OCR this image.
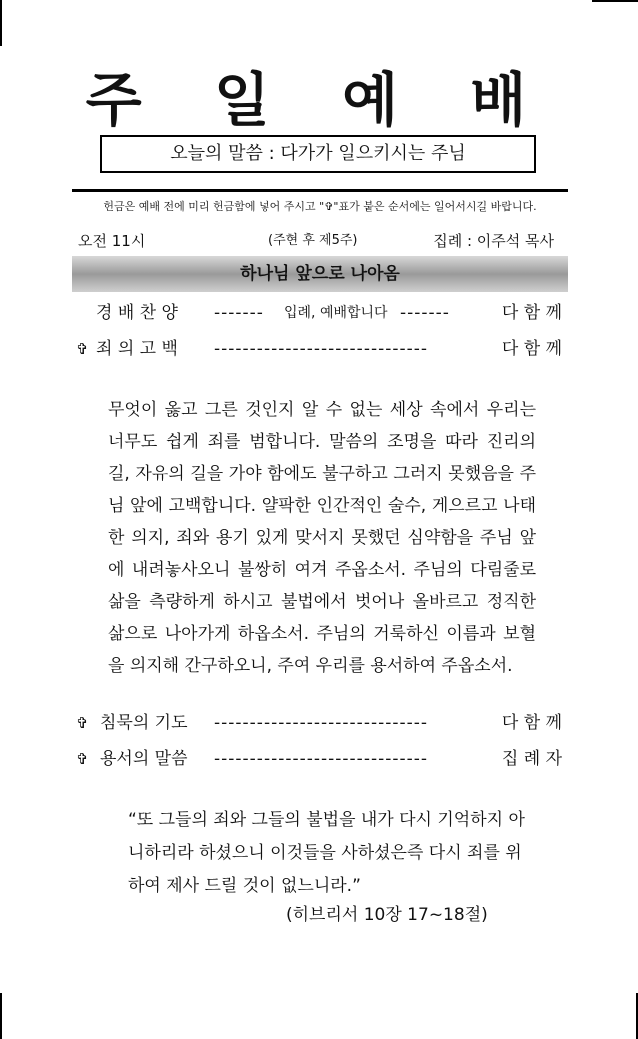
주 일 예 배
오늘의 말씀 : 다가가 일으키시는 주님
헌금은 예배 전에 미리 헌금함에 넣어 주시고 "✞"표가 붙은 순서에는 일어서시길 바랍니다.
오전 11시	(주현 후 제5주)	집례 : 이주석 목사
하나님 앞으로 나아옴
경 배 찬 양 ------- 입례, 예배합니다 -------	다 함 께
✞ 죄 의 고 백 ------------------------------	다 함 께
무엇이 옳고 그른 것인지 알 수 없는 세상 속에서 우리는 너무도 쉽게 죄를 범합니다. 말씀의 조명을 따라 진리의 길, 자유의 길을 가야 함에도 불구하고 그러지 못했음을 주님 앞에 고백합니다. 얄팍한 인간적인 술수, 게으르고 나태한 의지, 죄와 용기 있게 맞서지 못했던 심약함을 주님 앞에 내려놓사오니 불쌍히 여겨 주옵소서. 주님의 다림줄로 삶을 측량하게 하시고 불법에서 벗어나 올바르고 정직한 삶으로 나아가게 하옵소서. 주님의 거룩하신 이름과 보혈을 의지해 간구하오니, 주여 우리를 용서하여 주옵소서.
✞ 침묵의 기도 ------------------------------	다 함 께
✞ 용서의 말씀 ------------------------------	집 례 자
“또 그들의 죄와 그들의 불법을 내가 다시 기억하지 아니하리라 하셨으니 이것들을 사하셨은즉 다시 죄를 위하여 제사 드릴 것이 없느니라.”
(히브리서 10장 17~18절)
